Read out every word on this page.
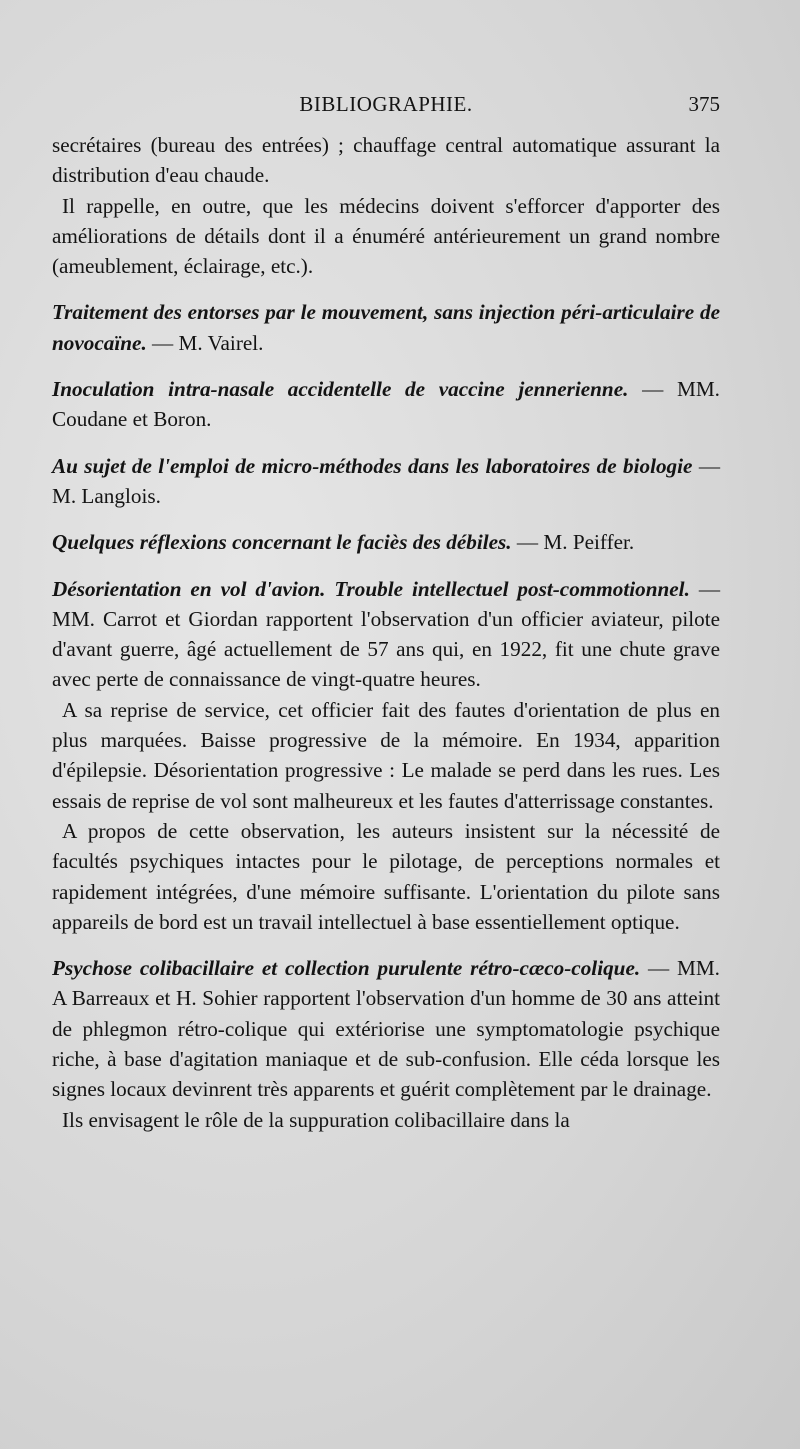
BIBLIOGRAPHIE.	375

secrétaires (bureau des entrées) ; chauffage central automatique assurant la distribution d'eau chaude.

Il rappelle, en outre, que les médecins doivent s'efforcer d'apporter des améliorations de détails dont il a énuméré antérieurement un grand nombre (ameublement, éclairage, etc.).

Traitement des entorses par le mouvement, sans injection péri-articulaire de novocaïne. — M. Vairel.

Inoculation intra-nasale accidentelle de vaccine jennerienne. — MM. Coudane et Boron.

Au sujet de l'emploi de micro-méthodes dans les laboratoires de biologie — M. Langlois.

Quelques réflexions concernant le faciès des débiles. — M. Peiffer.

Désorientation en vol d'avion. Trouble intellectuel post-commotionnel. — MM. Carrot et Giordan rapportent l'observation d'un officier aviateur, pilote d'avant guerre, âgé actuellement de 57 ans qui, en 1922, fit une chute grave avec perte de connaissance de vingt-quatre heures.

A sa reprise de service, cet officier fait des fautes d'orientation de plus en plus marquées. Baisse progressive de la mémoire. En 1934, apparition d'épilepsie. Désorientation progressive : Le malade se perd dans les rues. Les essais de reprise de vol sont malheureux et les fautes d'atterrissage constantes.

A propos de cette observation, les auteurs insistent sur la nécessité de facultés psychiques intactes pour le pilotage, de perceptions normales et rapidement intégrées, d'une mémoire suffisante. L'orientation du pilote sans appareils de bord est un travail intellectuel à base essentiellement optique.

Psychose colibacillaire et collection purulente rétro-cæco-colique. — MM. A Barreaux et H. Sohier rapportent l'observation d'un homme de 30 ans atteint de phlegmon rétro-colique qui extériorise une symptomatologie psychique riche, à base d'agitation maniaque et de sub-confusion. Elle céda lorsque les signes locaux devinrent très apparents et guérit complètement par le drainage.

Ils envisagent le rôle de la suppuration colibacillaire dans la
